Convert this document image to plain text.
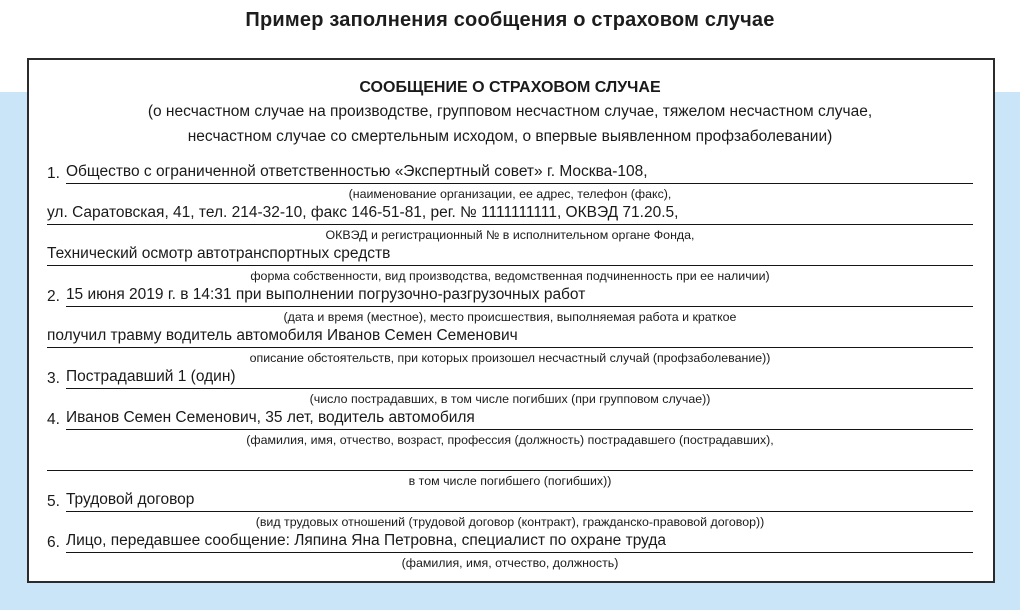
Пример заполнения сообщения о страховом случае
СООБЩЕНИЕ О СТРАХОВОМ СЛУЧАЕ
(о несчастном случае на производстве, групповом несчастном случае, тяжелом несчастном случае,
несчастном случае со смертельным исходом, о впервые выявленном профзаболевании)
1. Общество с ограниченной ответственностью «Экспертный совет» г. Москва-108,
(наименование организации, ее адрес, телефон (факс),
ул. Саратовская, 41, тел. 214-32-10, факс 146-51-81, рег. № 1111111111, ОКВЭД 71.20.5,
ОКВЭД и регистрационный № в исполнительном органе Фонда,
Технический осмотр автотранспортных средств
форма собственности, вид производства, ведомственная подчиненность при ее наличии)
2. 15 июня 2019 г. в 14:31 при выполнении погрузочно-разгрузочных работ
(дата и время (местное), место происшествия, выполняемая работа и краткое
получил травму водитель автомобиля Иванов Семен Семенович
описание обстоятельств, при которых произошел несчастный случай (профзаболевание))
3. Пострадавший 1 (один)
(число пострадавших, в том числе погибших (при групповом случае))
4. Иванов Семен Семенович, 35 лет, водитель автомобиля
(фамилия, имя, отчество, возраст, профессия (должность) пострадавшего (пострадавших),
в том числе погибшего (погибших))
5. Трудовой договор
(вид трудовых отношений (трудовой договор (контракт), гражданско-правовой договор))
6. Лицо, передавшее сообщение: Ляпина Яна Петровна, специалист по охране труда
(фамилия, имя, отчество, должность)
